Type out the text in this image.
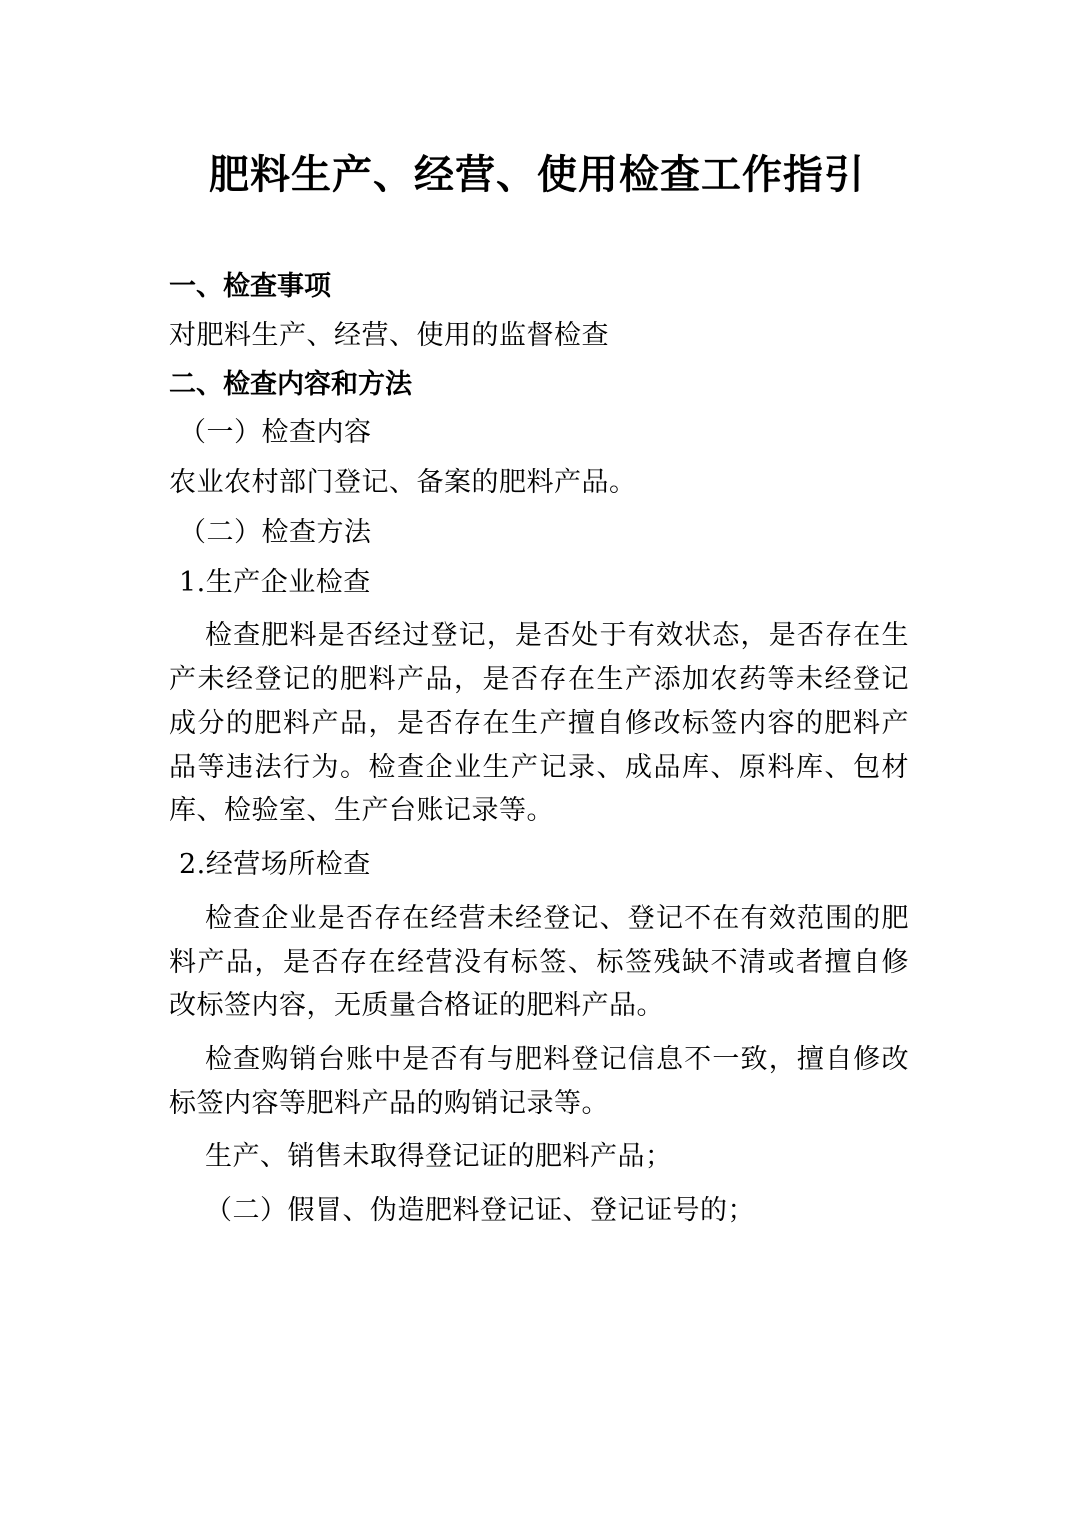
肥料生产、经营、使用检查工作指引

一、检查事项

对肥料生产、经营、使用的监督检查

二、检查内容和方法

（一）检查内容

农业农村部门登记、备案的肥料产品。

（二）检查方法

1.生产企业检查

检查肥料是否经过登记，是否处于有效状态，是否存在生产未经登记的肥料产品，是否存在生产添加农药等未经登记成分的肥料产品，是否存在生产擅自修改标签内容的肥料产品等违法行为。检查企业生产记录、成品库、原料库、包材库、检验室、生产台账记录等。

2.经营场所检查

检查企业是否存在经营未经登记、登记不在有效范围的肥料产品，是否存在经营没有标签、标签残缺不清或者擅自修改标签内容，无质量合格证的肥料产品。

检查购销台账中是否有与肥料登记信息不一致，擅自修改标签内容等肥料产品的购销记录等。

生产、销售未取得登记证的肥料产品；

（二）假冒、伪造肥料登记证、登记证号的；
